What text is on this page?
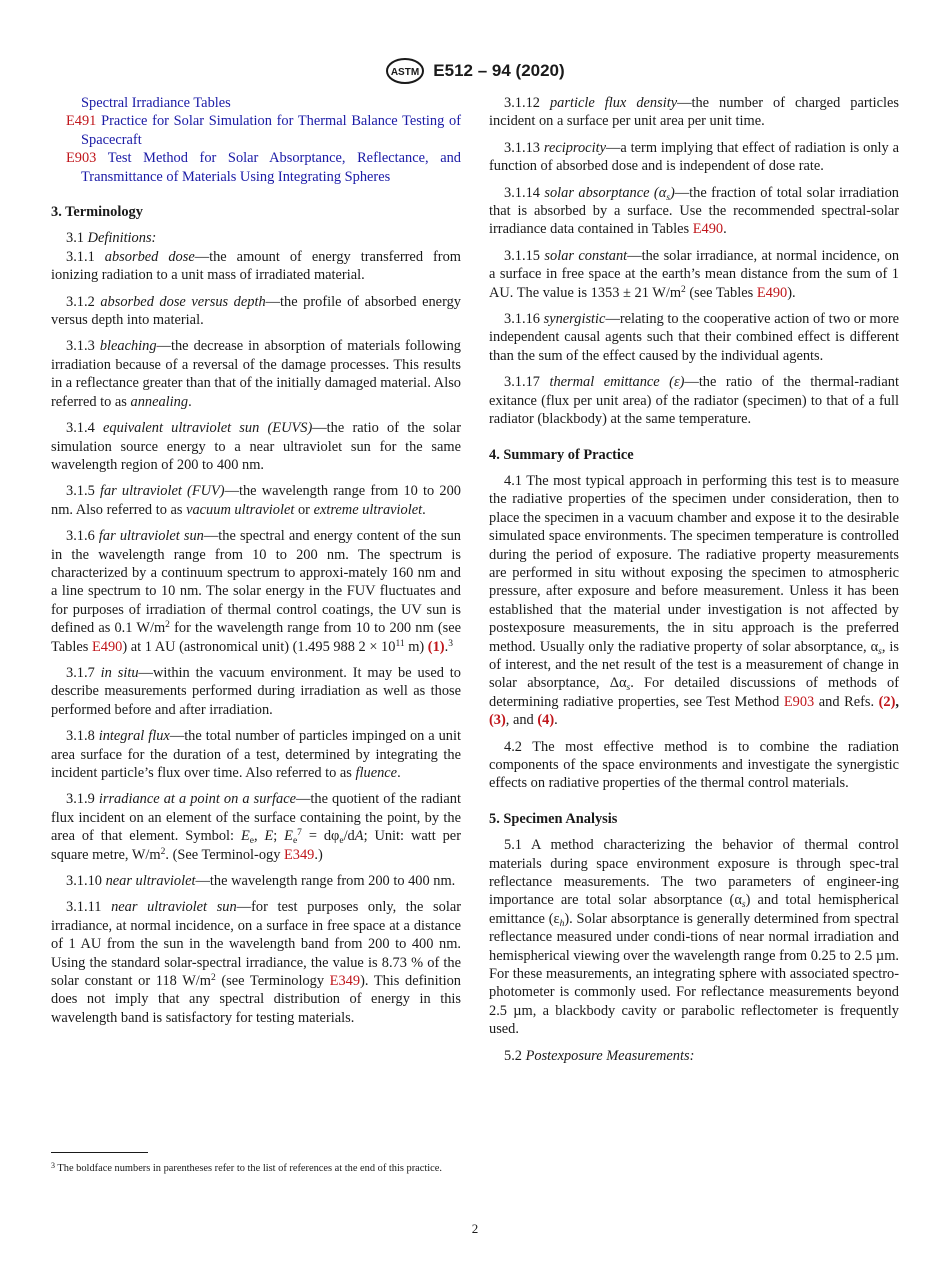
ASTM E512 – 94 (2020)

Spectral Irradiance Tables

E491 Practice for Solar Simulation for Thermal Balance Testing of Spacecraft

E903 Test Method for Solar Absorptance, Reflectance, and Transmittance of Materials Using Integrating Spheres

3. Terminology

3.1 Definitions:

3.1.1 absorbed dose—the amount of energy transferred from ionizing radiation to a unit mass of irradiated material.

3.1.2 absorbed dose versus depth—the profile of absorbed energy versus depth into material.

3.1.3 bleaching—the decrease in absorption of materials following irradiation because of a reversal of the damage processes. This results in a reflectance greater than that of the initially damaged material. Also referred to as annealing.

3.1.4 equivalent ultraviolet sun (EUVS)—the ratio of the solar simulation source energy to a near ultraviolet sun for the same wavelength region of 200 to 400 nm.

3.1.5 far ultraviolet (FUV)—the wavelength range from 10 to 200 nm. Also referred to as vacuum ultraviolet or extreme ultraviolet.

3.1.6 far ultraviolet sun—the spectral and energy content of the sun in the wavelength range from 10 to 200 nm. The spectrum is characterized by a continuum spectrum to approxi-mately 160 nm and a line spectrum to 10 nm. The solar energy in the FUV fluctuates and for purposes of irradiation of thermal control coatings, the UV sun is defined as 0.1 $W/m^2$ for the wavelength range from 10 to 200 nm (see Tables E490) at 1 AU (astronomical unit) (1.495 988 $2 \times 10^{11}$ m) (1).$^3$

3.1.7 in situ—within the vacuum environment. It may be used to describe measurements performed during irradiation as well as those performed before and after irradiation.

3.1.8 integral flux—the total number of particles impinged on a unit area surface for the duration of a test, determined by integrating the incident particle’s flux over time. Also referred to as fluence.

3.1.9 irradiance at a point on a surface—the quotient of the radiant flux incident on an element of the surface containing the point, by the area of that element. Symbol: $E_e$, E; $E_e^7 = d\varphi_e/dA$; Unit: watt per square metre, $W/m^2$. (See Terminol-ogy E349.)

3.1.10 near ultraviolet—the wavelength range from 200 to 400 nm.

3.1.11 near ultraviolet sun—for test purposes only, the solar irradiance, at normal incidence, on a surface in free space at a distance of 1 AU from the sun in the wavelength band from 200 to 400 nm. Using the standard solar-spectral irradiance, the value is 8.73 % of the solar constant or 118 $W/m^2$ (see Terminology E349). This definition does not imply that any spectral distribution of energy in this wavelength band is satisfactory for testing materials.

$^3$ The boldface numbers in parentheses refer to the list of references at the end of this practice.

3.1.12 particle flux density—the number of charged particles incident on a surface per unit area per unit time.

3.1.13 reciprocity—a term implying that effect of radiation is only a function of absorbed dose and is independent of dose rate.

3.1.14 solar absorptance $(\alpha_s)—the$ fraction of total solar irradiation that is absorbed by a surface. Use the recommended spectral-solar irradiance data contained in Tables E490.

3.1.15 solar constant—the solar irradiance, at normal incidence, on a surface in free space at the earth’s mean distance from the sum of 1 AU. The value is 1353 ± 21 $W/m^2$ (see Tables E490).

3.1.16 synergistic—relating to the cooperative action of two or more independent causal agents such that their combined effect is different than the sum of the effect caused by the individual agents.

3.1.17 thermal emittance (ε)—the ratio of the thermal-radiant exitance (flux per unit area) of the radiator (specimen) to that of a full radiator (blackbody) at the same temperature.

4. Summary of Practice

4.1 The most typical approach in performing this test is to measure the radiative properties of the specimen under consideration, then to place the specimen in a vacuum chamber and expose it to the desirable simulated space environments. The specimen temperature is controlled during the period of exposure. The radiative property measurements are performed in situ without exposing the specimen to atmospheric pressure, after exposure and before measurement. Unless it has been established that the material under investigation is not affected by postexposure measurements, the in situ approach is the preferred method. Usually only the radiative property of solar absorptance, $\alpha_s$, is of interest, and the net result of the test is a measurement of change in solar absorptance, $\Delta\alpha_s$. For detailed discussions of methods of determining radiative properties, see Test Method E903 and Refs. (2), (3), and (4).

4.2 The most effective method is to combine the radiation components of the space environments and investigate the synergistic effects on radiative properties of the thermal control materials.

5. Specimen Analysis

5.1 A method characterizing the behavior of thermal control materials during space environment exposure is through spec-tral reflectance measurements. The two parameters of engineer-ing importance are total solar absorptance $(\alpha_s)$ and total hemispherical emittance $(\varepsilon_h)$. Solar absorptance is generally determined from spectral reflectance measured under condi-tions of near normal irradiation and hemispherical viewing over the wavelength range from 0.25 to 2.5 µm. For these measurements, an integrating sphere with associated spectro-photometer is commonly used. For reflectance measurements beyond 2.5 µm, a blackbody cavity or parabolic reflectometer is frequently used.

5.2 Postexposure Measurements:

2
